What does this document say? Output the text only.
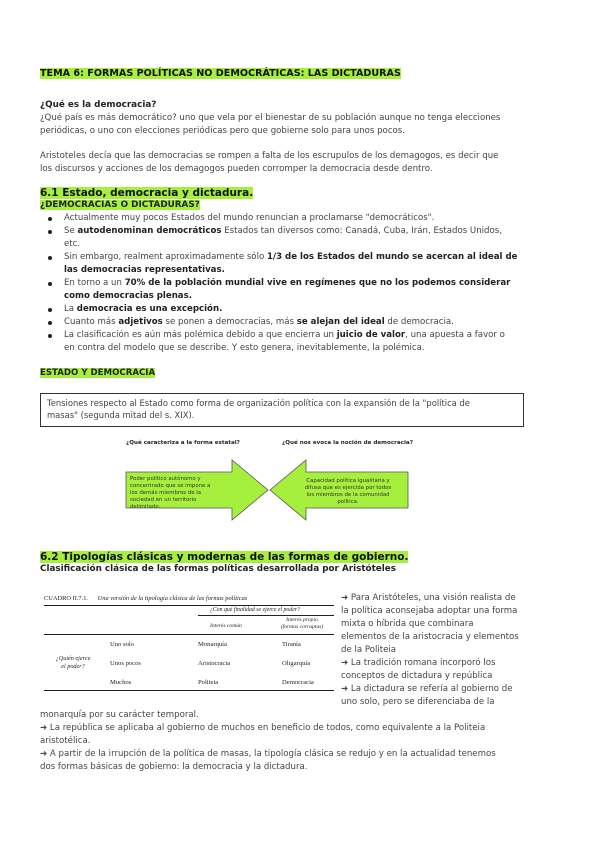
TEMA 6: FORMAS POLÍTICAS NO DEMOCRÁTICAS: LAS DICTADURAS
¿Qué es la democracia?
¿Qué país es más democrático? uno que vela por el bienestar de su población aunque no tenga elecciones
periódicas, o uno con elecciones periódicas pero que gobierne solo para unos pocos.
Aristoteles decía que las democracias se rompen a falta de los escrupulos de los demagogos, es decir que
los discursos y acciones de los demagogos pueden corromper la democracia desde dentro.
6.1 Estado, democracia y dictadura.
¿DEMOCRACIAS O DICTADURAS?
Actualmente muy pocos Estados del mundo renuncian a proclamarse "democráticos".
Se autodenominan democráticos Estados tan diversos como: Canadá, Cuba, Irán, Estados Unidos,
etc.
Sin embargo, realment aproximadamente sólo 1/3 de los Estados del mundo se acercan al ideal de
las democracias representativas.
En torno a un 70% de la población mundial vive en regímenes que no los podemos considerar
como democracias plenas.
La democracia es una excepción.
Cuanto más adjetivos se ponen a democracias, más se alejan del ideal de democracia.
La clasificación es aún más polémica debido a que encierra un juicio de valor, una apuesta a favor o
en contra del modelo que se describe. Y esto genera, inevitablemente, la polémica.
ESTADO Y DEMOCRACIA

Tensiones respecto al Estado como forma de organización política con la expansión de la "política de
masas" (segunda mitad del s. XIX).

¿Qué caracteriza a la forma estatal?	¿Qué nos evoca la noción de democracia?
Poder político autónomo y
concentrado que se impone a
los demás miembros de la
sociedad en un territorio
delimitado.
Capacidad política igualitaria y
difusa que es ejercida por todos
los miembros de la comunidad
política.
6.2 Tipologías clásicas y modernas de las formas de gobierno.
Clasificación clásica de las formas políticas desarrollada por Aristóteles
CUADRO II.7.1. Una versión de la tipología clásica de las formas políticas
¿Con qué finalidad se ejerce el poder?
Interés común
Interés propio
(formas corruptas)
¿Quién ejerce
el poder?
Uno solo	Monarquía	Tiranía
Unos pocos	Aristocracia	Oligarquía
Muchos	Politeia	Democracia
➜ Para Aristóteles, una visión realista de
la política aconsejaba adoptar una forma
mixta o híbrida que combinara
elementos de la aristocracia y elementos
de la Politeia
➜ La tradición romana incorporó los
conceptos de dictadura y república
➜ La dictadura se refería al gobierno de
uno solo, pero se diferenciaba de la
monarquía por su carácter temporal.
➜ La república se aplicaba al gobierno de muchos en beneficio de todos, como equivalente a la Politeia
aristotélica.
➜ A partir de la irrupción de la política de masas, la tipología clásica se redujo y en la actualidad tenemos
dos formas básicas de gobierno: la democracia y la dictadura.
